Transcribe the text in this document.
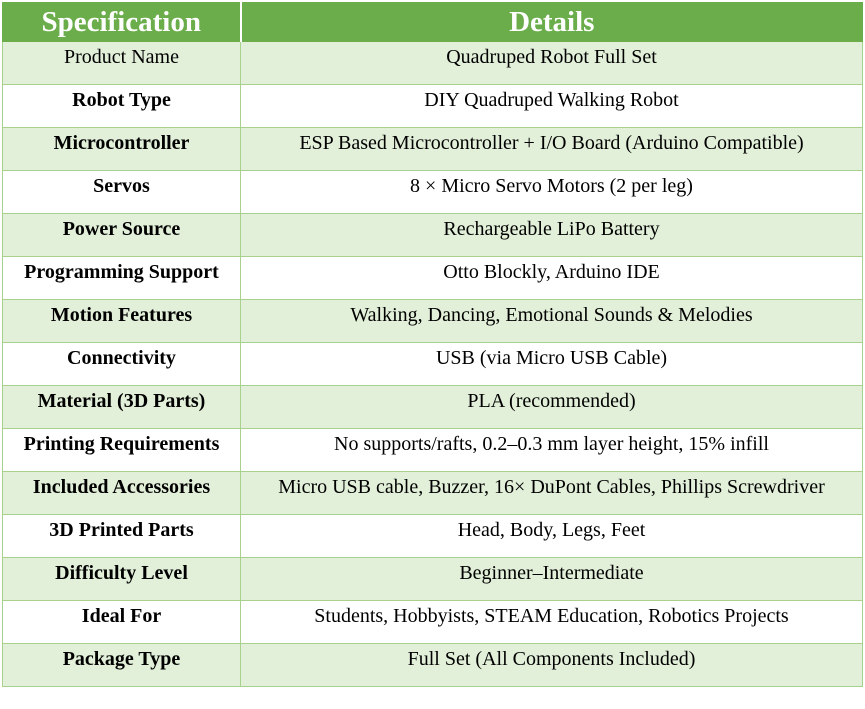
Specification	Details
Product Name	Quadruped Robot Full Set
Robot Type	DIY Quadruped Walking Robot
Microcontroller	ESP Based Microcontroller + I/O Board (Arduino Compatible)
Servos	8 × Micro Servo Motors (2 per leg)
Power Source	Rechargeable LiPo Battery
Programming Support	Otto Blockly, Arduino IDE
Motion Features	Walking, Dancing, Emotional Sounds & Melodies
Connectivity	USB (via Micro USB Cable)
Material (3D Parts)	PLA (recommended)
Printing Requirements	No supports/rafts, 0.2–0.3 mm layer height, 15% infill
Included Accessories	Micro USB cable, Buzzer, 16× DuPont Cables, Phillips Screwdriver
3D Printed Parts	Head, Body, Legs, Feet
Difficulty Level	Beginner–Intermediate
Ideal For	Students, Hobbyists, STEAM Education, Robotics Projects
Package Type	Full Set (All Components Included)
